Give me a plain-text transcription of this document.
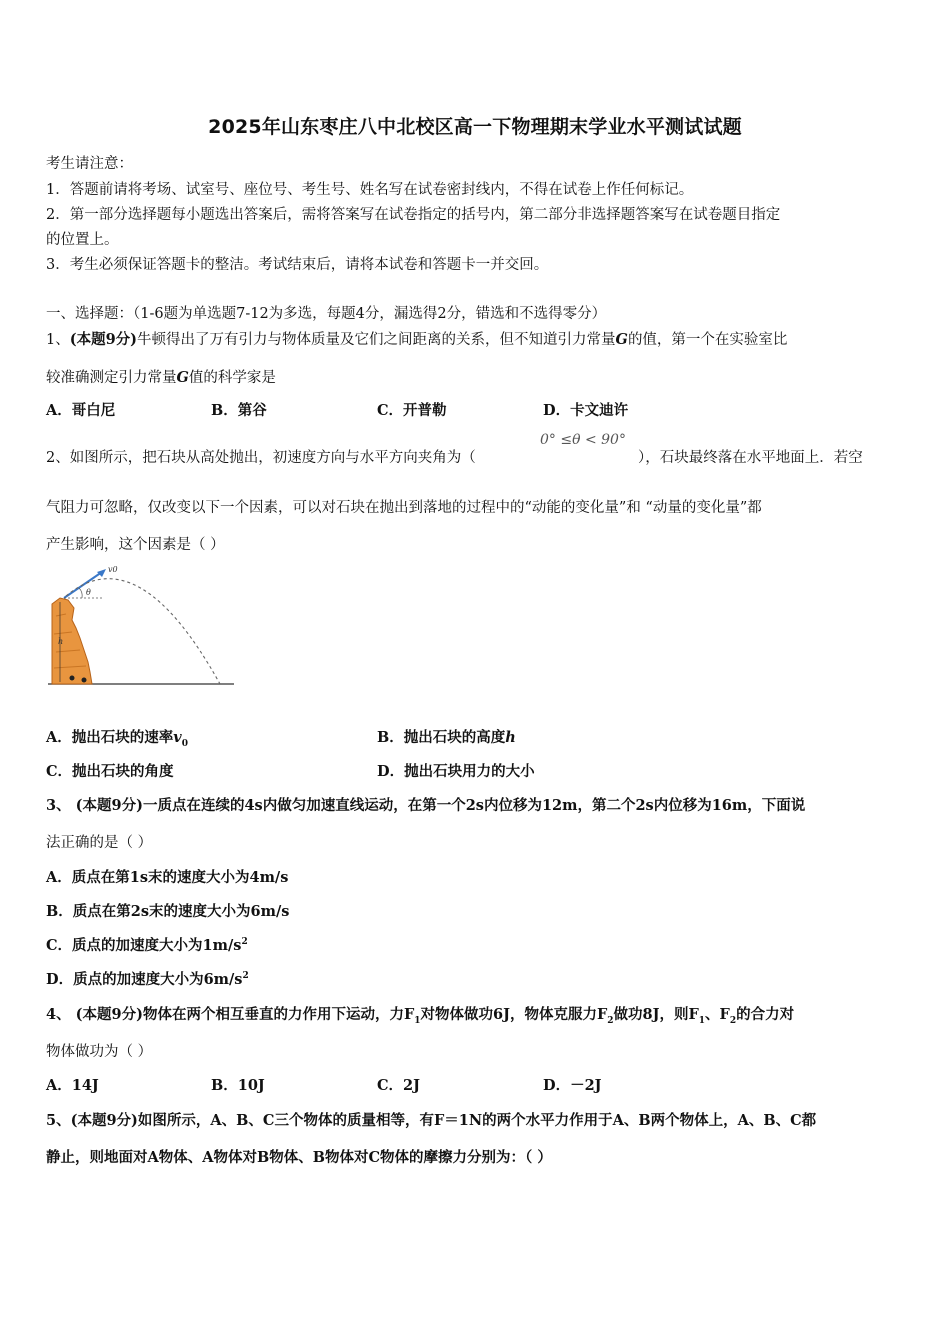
2025年山东枣庄八中北校区高一下物理期末学业水平测试试题
考生请注意：
1．答题前请将考场、试室号、座位号、考生号、姓名写在试卷密封线内，不得在试卷上作任何标记。
2．第一部分选择题每小题选出答案后，需将答案写在试卷指定的括号内，第二部分非选择题答案写在试卷题目指定
的位置上。
3．考生必须保证答题卡的整洁。考试结束后，请将本试卷和答题卡一并交回。
一、选择题：（1-6题为单选题7-12为多选，每题4分，漏选得2分，错选和不选得零分）
1、(本题9分)牛顿得出了万有引力与物体质量及它们之间距离的关系，但不知道引力常量G的值，第一个在实验室比
较准确测定引力常量G值的科学家是
A．哥白尼	B．第谷	C．开普勒	D．卡文迪许
2、如图所示，把石块从高处抛出，初速度方向与水平方向夹角为（
0° ≤θ < 90°
），石块最终落在水平地面上．若空
气阻力可忽略，仅改变以下一个因素，可以对石块在抛出到落地的过程中的“动能的变化量”和 “动量的变化量”都
产生影响，这个因素是（ ）
h
v0
θ
A．抛出石块的速率$v_0$	B．抛出石块的高度h
C．抛出石块的角度	D．抛出石块用力的大小
3、 (本题9分)一质点在连续的4s内做匀加速直线运动，在第一个2s内位移为12m，第二个2s内位移为16m，下面说
法正确的是（ ）
A．质点在第1s末的速度大小为4m/s
B．质点在第2s末的速度大小为6m/s
C．质点的加速度大小为$1m/s^2$
D．质点的加速度大小为$6m/s^2$
4、 (本题9分)物体在两个相互垂直的力作用下运动，力$F_1$对物体做功6J，物体克服力$F_2$做功8J，则$F_1$、$F_2$的合力对
物体做功为（ ）
A．14J	B．10J	C．2J	D．－2J
5、(本题9分)如图所示，A、B、C三个物体的质量相等，有F＝1N的两个水平力作用于A、B两个物体上，A、B、C都
静止，则地面对A物体、A物体对B物体、B物体对C物体的摩擦力分别为：（ ）
